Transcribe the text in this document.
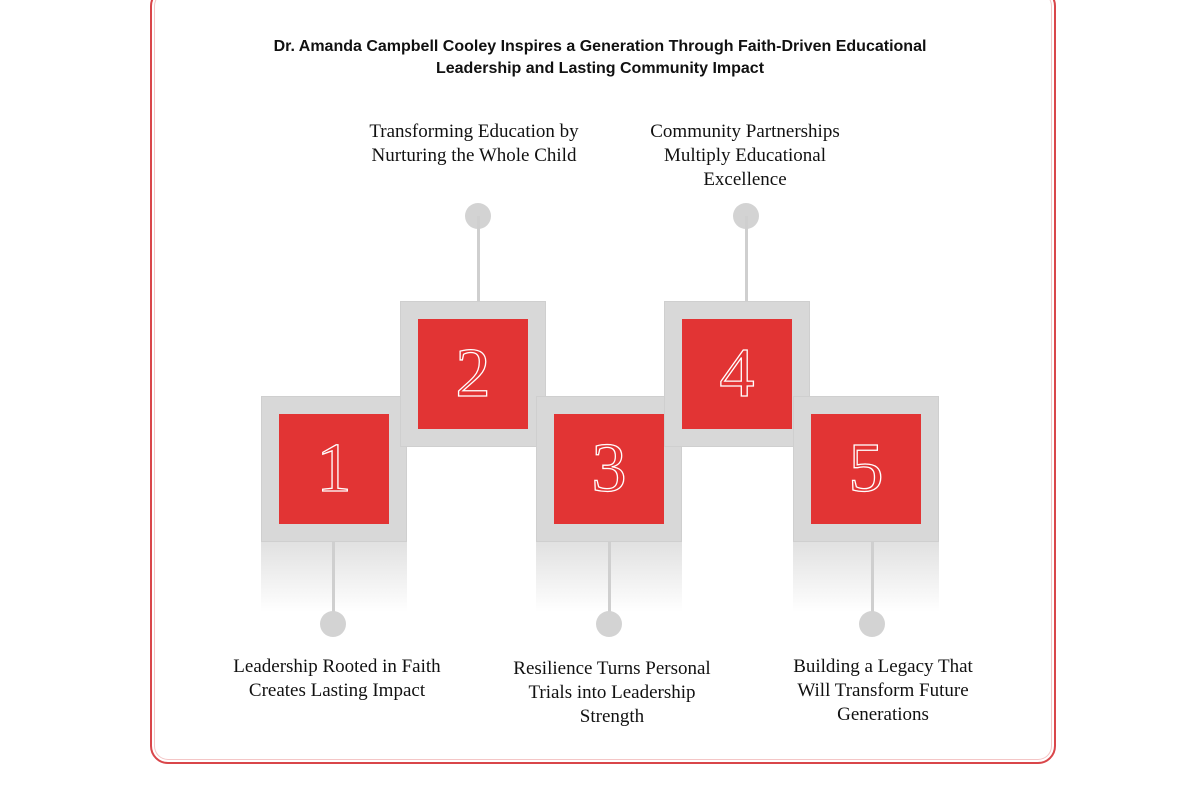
Dr. Amanda Campbell Cooley Inspires a Generation Through Faith-Driven Educational
Leadership and Lasting Community Impact
Transforming Education by
Nurturing the Whole Child
Community Partnerships
Multiply Educational
Excellence
1
2
3
4
5
Leadership Rooted in Faith
Creates Lasting Impact
Resilience Turns Personal
Trials into Leadership
Strength
Building a Legacy That
Will Transform Future
Generations
